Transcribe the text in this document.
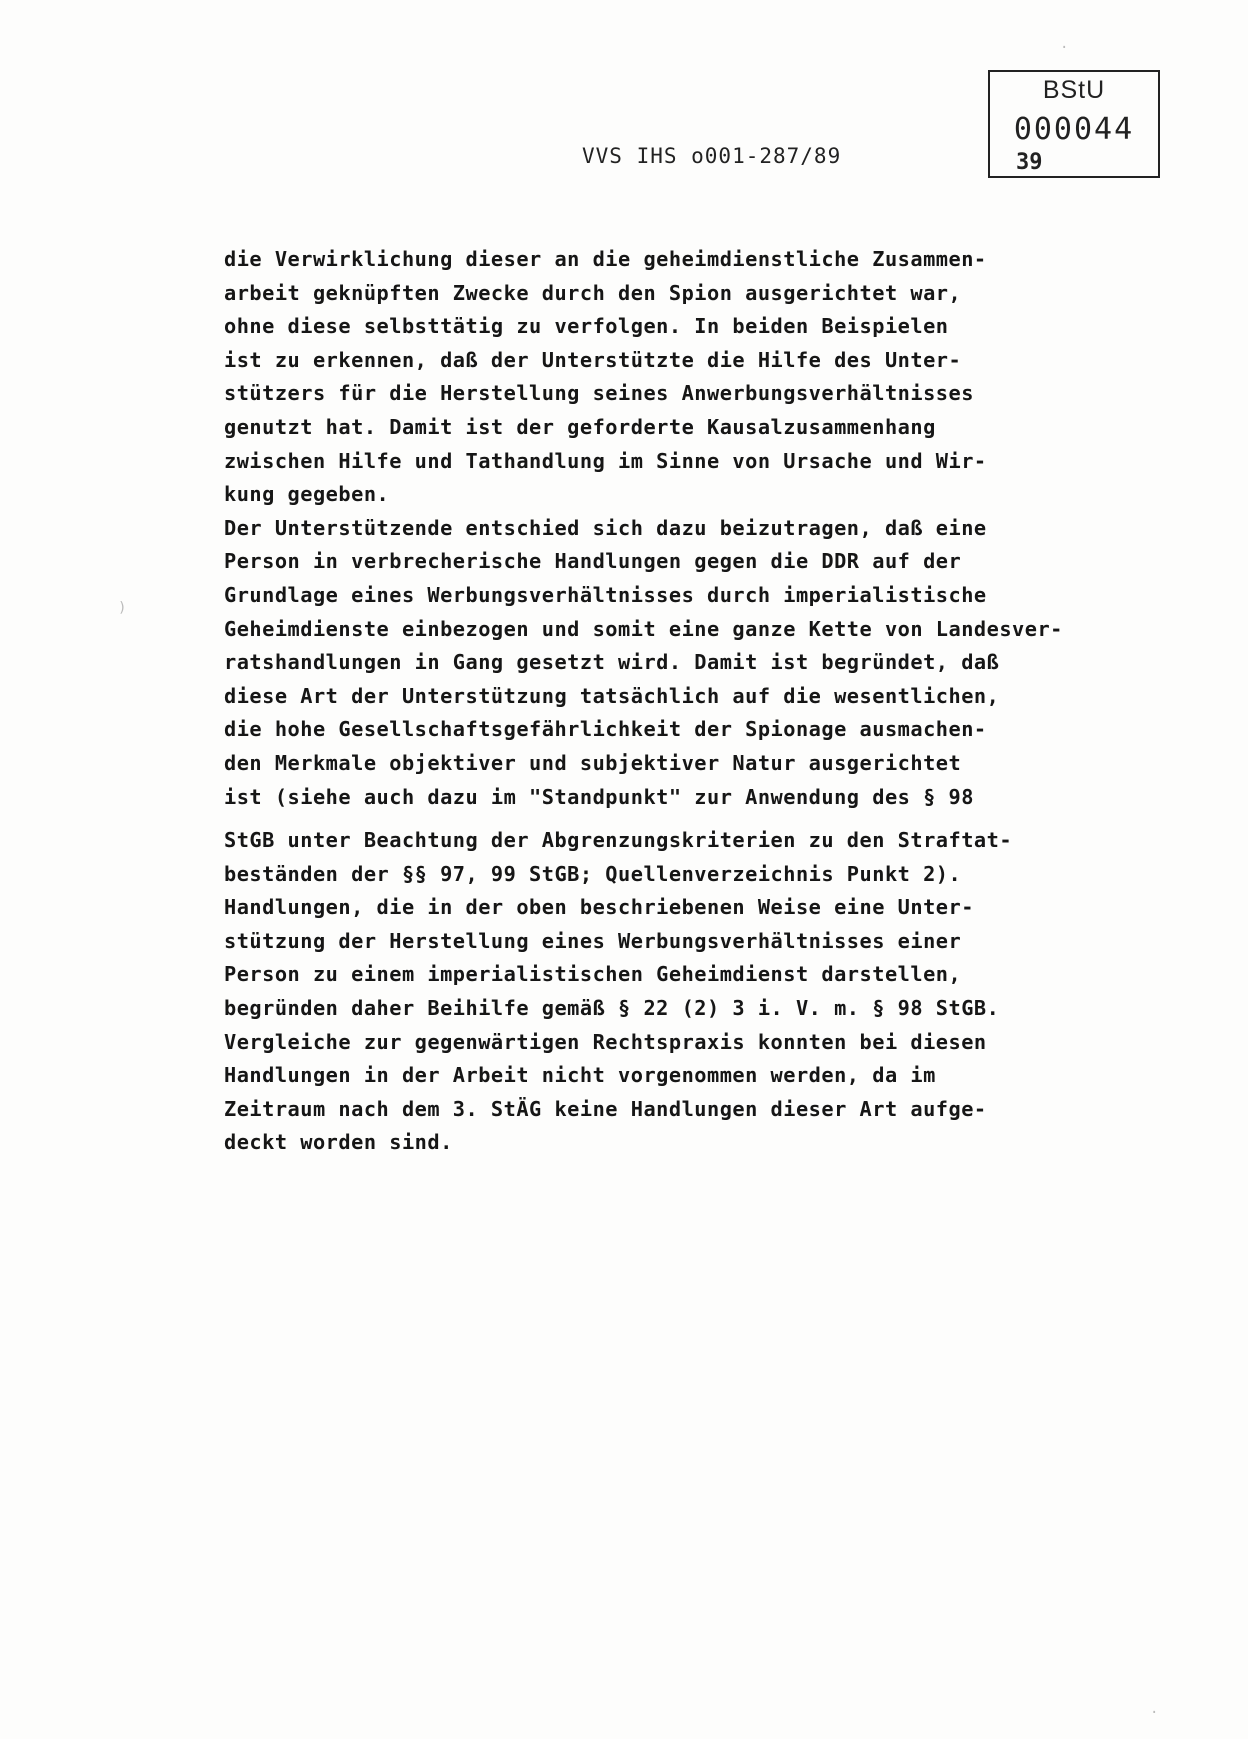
BStU
000044
39
VVS IHS o001-287/89
die Verwirklichung dieser an die geheimdienstliche Zusammen-
arbeit geknüpften Zwecke durch den Spion ausgerichtet war,
ohne diese selbsttätig zu verfolgen. In beiden Beispielen
ist zu erkennen, daß der Unterstützte die Hilfe des Unter-
stützers für die Herstellung seines Anwerbungsverhältnisses
genutzt hat. Damit ist der geforderte Kausalzusammenhang
zwischen Hilfe und Tathandlung im Sinne von Ursache und Wir-
kung gegeben.
Der Unterstützende entschied sich dazu beizutragen, daß eine
Person in verbrecherische Handlungen gegen die DDR auf der
Grundlage eines Werbungsverhältnisses durch imperialistische
Geheimdienste einbezogen und somit eine ganze Kette von Landesver-
ratshandlungen in Gang gesetzt wird. Damit ist begründet, daß
diese Art der Unterstützung tatsächlich auf die wesentlichen,
die hohe Gesellschaftsgefährlichkeit der Spionage ausmachen-
den Merkmale objektiver und subjektiver Natur ausgerichtet
ist (siehe auch dazu im "Standpunkt" zur Anwendung des § 98
StGB unter Beachtung der Abgrenzungskriterien zu den Straftat-
beständen der §§ 97, 99 StGB; Quellenverzeichnis Punkt 2).
Handlungen, die in der oben beschriebenen Weise eine Unter-
stützung der Herstellung eines Werbungsverhältnisses einer
Person zu einem imperialistischen Geheimdienst darstellen,
begründen daher Beihilfe gemäß § 22 (2) 3 i. V. m. § 98 StGB.
Vergleiche zur gegenwärtigen Rechtspraxis konnten bei diesen
Handlungen in der Arbeit nicht vorgenommen werden, da im
Zeitraum nach dem 3. StÄG keine Handlungen dieser Art aufge-
deckt worden sind.
)
·
·
